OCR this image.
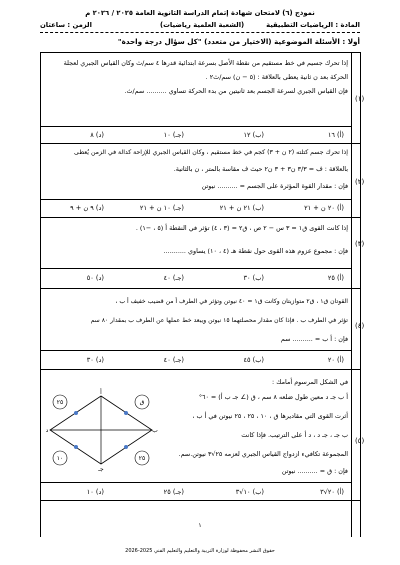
نموذج (٦) لامتحان شهادة إتمام الدراسة الثانوية العامة ٢٠٢٥ / ٢٠٢٦ م
المادة : الرياضيات التطبيقية
(الشعبة العلمية رياضيات)
الزمن : ساعتان
أولا : الأسئلة الموضوعية (الاختيار من متعدد) "كل سؤال درجة واحدة"
(١)
إذا تحرك جسيم في خط مستقيم من نقطة الأصل بسرعة ابتدائية قدرها ٤ سم/ث وكان القياس الجبري لعجلة
الحركة بعد ن ثانية يعطى بالعلاقة : (٥ − ن) سم/ث٢ .
فإن القياس الجبري لسرعة الجسم بعد ثانيتين من بدء الحركة تساوي .......... سم/ث.
(أ) ١٦
(ب) ١٢
(جـ) ١٠
(د) ٨
(٢)
إذا تحرك جسم كتلته (٢ ن + ٣) كجم في خط مستقيم ، وكان القياس الجبري للإزاحة كدالة في الزمن يُعطى
بالعلاقة : ف = ٣/٣ ن٣ + ٣ ن٢ حيث ف مقاسة بالمتر ، ن بالثانية.
فإن : مقدار القوة المؤثرة على الجسم = .......... نيوتن
(أ) ٢٠ ن + ٢١
(ب) ٢١ ن + ٢١
(جـ) ١٠ ن + ٢١
(د) ٩ ن + ٩
(٣)
إذا كانت القوى ق١ = ٣ س − ٢ ص ، ق٢ = (٣ ، ٤) تؤثر في النقطة أ (٥ ، −١) .
فإن : مجموع عزوم هذه القوى حول نقطة هـ (٤ ، ١٠) يساوي ...........
(أ) ٢٥
(ب) ٣٠
(جـ) ٤٠
(د) ٥٠
(٤)
القوتان ق١ ، ق٢ متوازيتان وكانت ق١ = ٤٠ نيوتن وتؤثر في الطرف أ من قضيب خفيف أ ب ،
تؤثر في الطرف ب . فإذا كان مقدار محصلتهما ١٥ نيوتن ويبعد خط عملها عن الطرف ب بمقدار ٨٠ سم
فإن : أ ب = .......... سم
(أ) ٢٠
(ب) ٤٥
(جـ) ٤٠
(د) ٣٠
(٥)
في الشكل المرسوم أمامك :
أ ب جـ د معين طول ضلعه ٨ سم ، ق (∠ جـ ب أ) = ٦٠°
أثرت القوى التي مقاديرها ق ، ١٠ ، ٢٥ ، ٢٥ نيوتن في أ ب ،
ب جـ ، جـ د ، د أ على الترتيب. فإذا كانت
المجموعة تكافيء ازدواج القياس الجبري لعزمه ٢٥√٣ نيوتن.سم.
فإن : ق = .......... نيوتن
٢٥	ق
١٠	٢٥
أ
ب
جـ
د
(أ) ٢٠√٣
(ب) ١٠√٣
(جـ) ٢٥
(د) ١٠
١
حقوق النشر محفوظة لوزارة التربية والتعليم والتعليم الفني 2025-2026
